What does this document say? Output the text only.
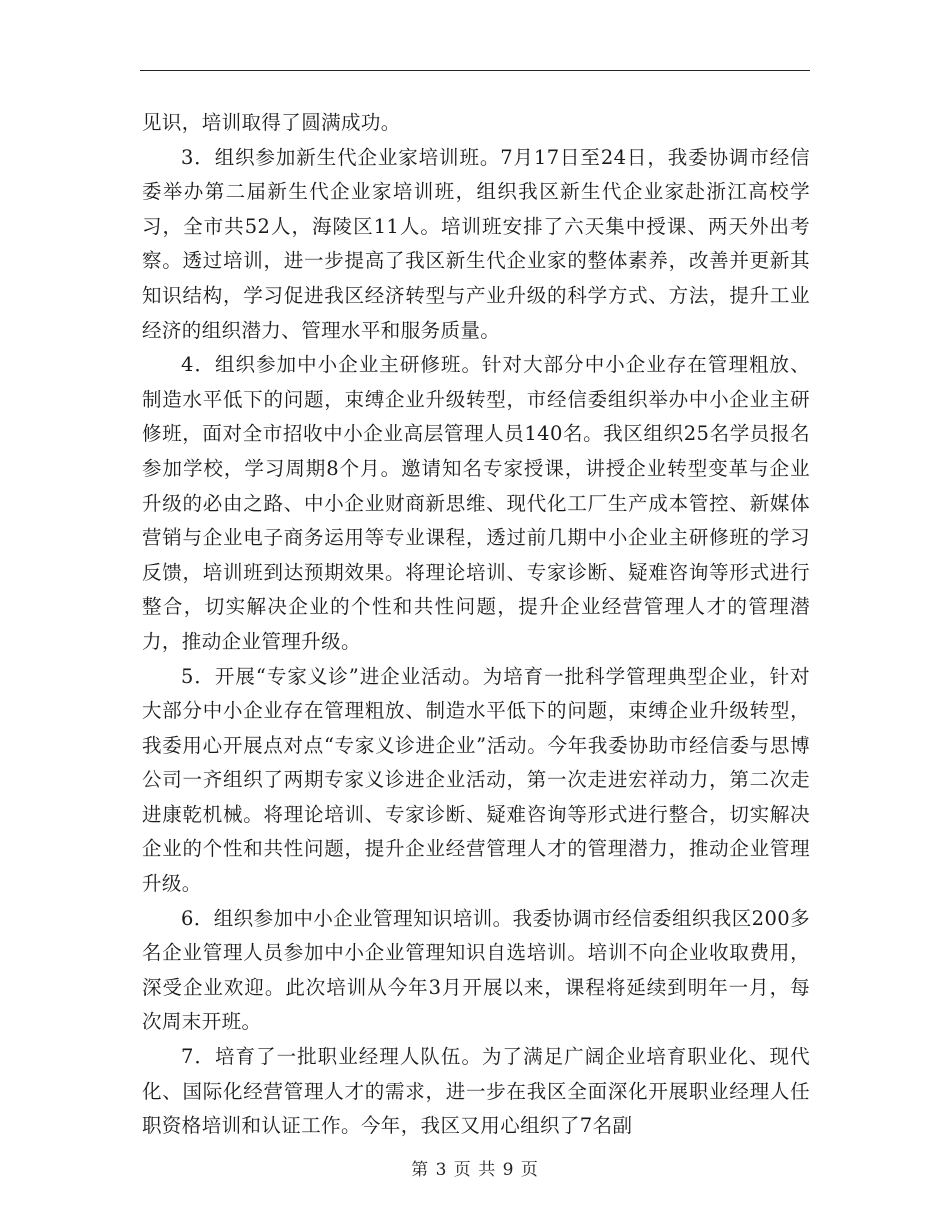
见识，培训取得了圆满成功。

3．组织参加新生代企业家培训班。7月17日至24日，我委协调市经信委举办第二届新生代企业家培训班，组织我区新生代企业家赴浙江高校学习，全市共52人，海陵区11人。培训班安排了六天集中授课、两天外出考察。透过培训，进一步提高了我区新生代企业家的整体素养，改善并更新其知识结构，学习促进我区经济转型与产业升级的科学方式、方法，提升工业经济的组织潜力、管理水平和服务质量。

4．组织参加中小企业主研修班。针对大部分中小企业存在管理粗放、制造水平低下的问题，束缚企业升级转型，市经信委组织举办中小企业主研修班，面对全市招收中小企业高层管理人员140名。我区组织25名学员报名参加学校，学习周期8个月。邀请知名专家授课，讲授企业转型变革与企业升级的必由之路、中小企业财商新思维、现代化工厂生产成本管控、新媒体营销与企业电子商务运用等专业课程，透过前几期中小企业主研修班的学习反馈，培训班到达预期效果。将理论培训、专家诊断、疑难咨询等形式进行整合，切实解决企业的个性和共性问题，提升企业经营管理人才的管理潜力，推动企业管理升级。

5．开展“专家义诊”进企业活动。为培育一批科学管理典型企业，针对大部分中小企业存在管理粗放、制造水平低下的问题，束缚企业升级转型，我委用心开展点对点“专家义诊进企业”活动。今年我委协助市经信委与思博公司一齐组织了两期专家义诊进企业活动，第一次走进宏祥动力，第二次走进康乾机械。将理论培训、专家诊断、疑难咨询等形式进行整合，切实解决企业的个性和共性问题，提升企业经营管理人才的管理潜力，推动企业管理升级。

6．组织参加中小企业管理知识培训。我委协调市经信委组织我区200多名企业管理人员参加中小企业管理知识自选培训。培训不向企业收取费用，深受企业欢迎。此次培训从今年3月开展以来，课程将延续到明年一月，每次周末开班。

7．培育了一批职业经理人队伍。为了满足广阔企业培育职业化、现代化、国际化经营管理人才的需求，进一步在我区全面深化开展职业经理人任职资格培训和认证工作。今年，我区又用心组织了7名副

第 3 页 共 9 页
